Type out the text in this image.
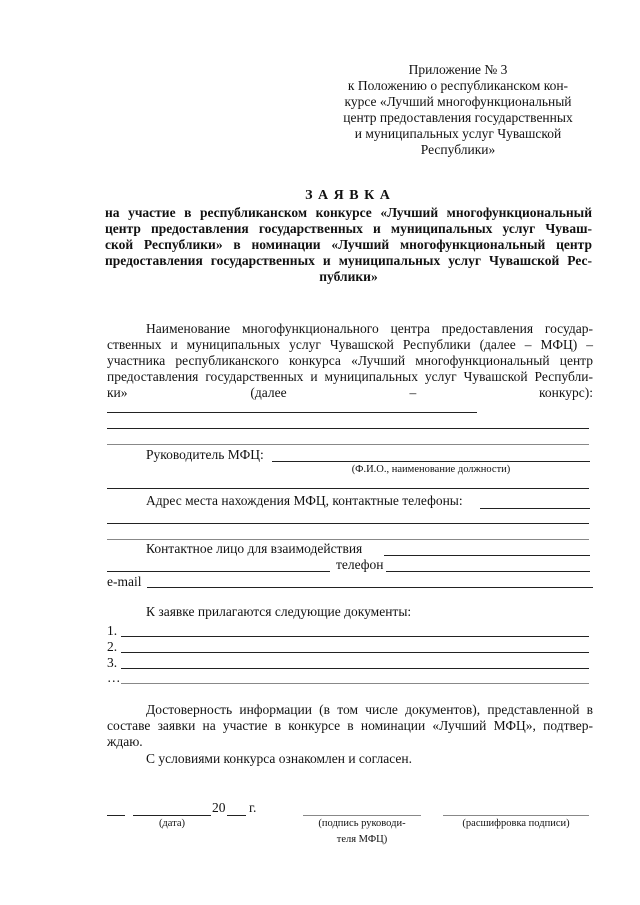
Приложение № 3
к Положению о республиканском кон-
курсе «Лучший многофункциональный
центр предоставления государственных
и муниципальных услуг Чувашской
Республики»
З А Я В К А
на участие в республиканском конкурсе «Лучший многофункциональный
центр предоставления государственных и муниципальных услуг Чуваш-
ской Республики» в номинации «Лучший многофункциональный центр
предоставления государственных и муниципальных услуг Чувашской Рес-
публики»
Наименование многофункционального центра предоставления государ-
ственных и муниципальных услуг Чувашской Республики (далее – МФЦ) –
участника республиканского конкурса «Лучший многофункциональный центр
предоставления государственных и муниципальных услуг Чувашской Республи-
ки»	(далее	–	конкурс):
Руководитель МФЦ:
(Ф.И.О., наименование должности)
Адрес места нахождения МФЦ, контактные телефоны:
Контактное лицо для взаимодействия
телефон
e-mail
К заявке прилагаются следующие документы:
1.
2.
3.
…
Достоверность информации (в том числе документов), представленной в
составе заявки на участие в конкурсе в номинации «Лучший МФЦ», подтвер-
ждаю.
С условиями конкурса ознакомлен и согласен.
20 г.
(дата)	(подпись руководи-
теля МФЦ)
(расшифровка подписи)
